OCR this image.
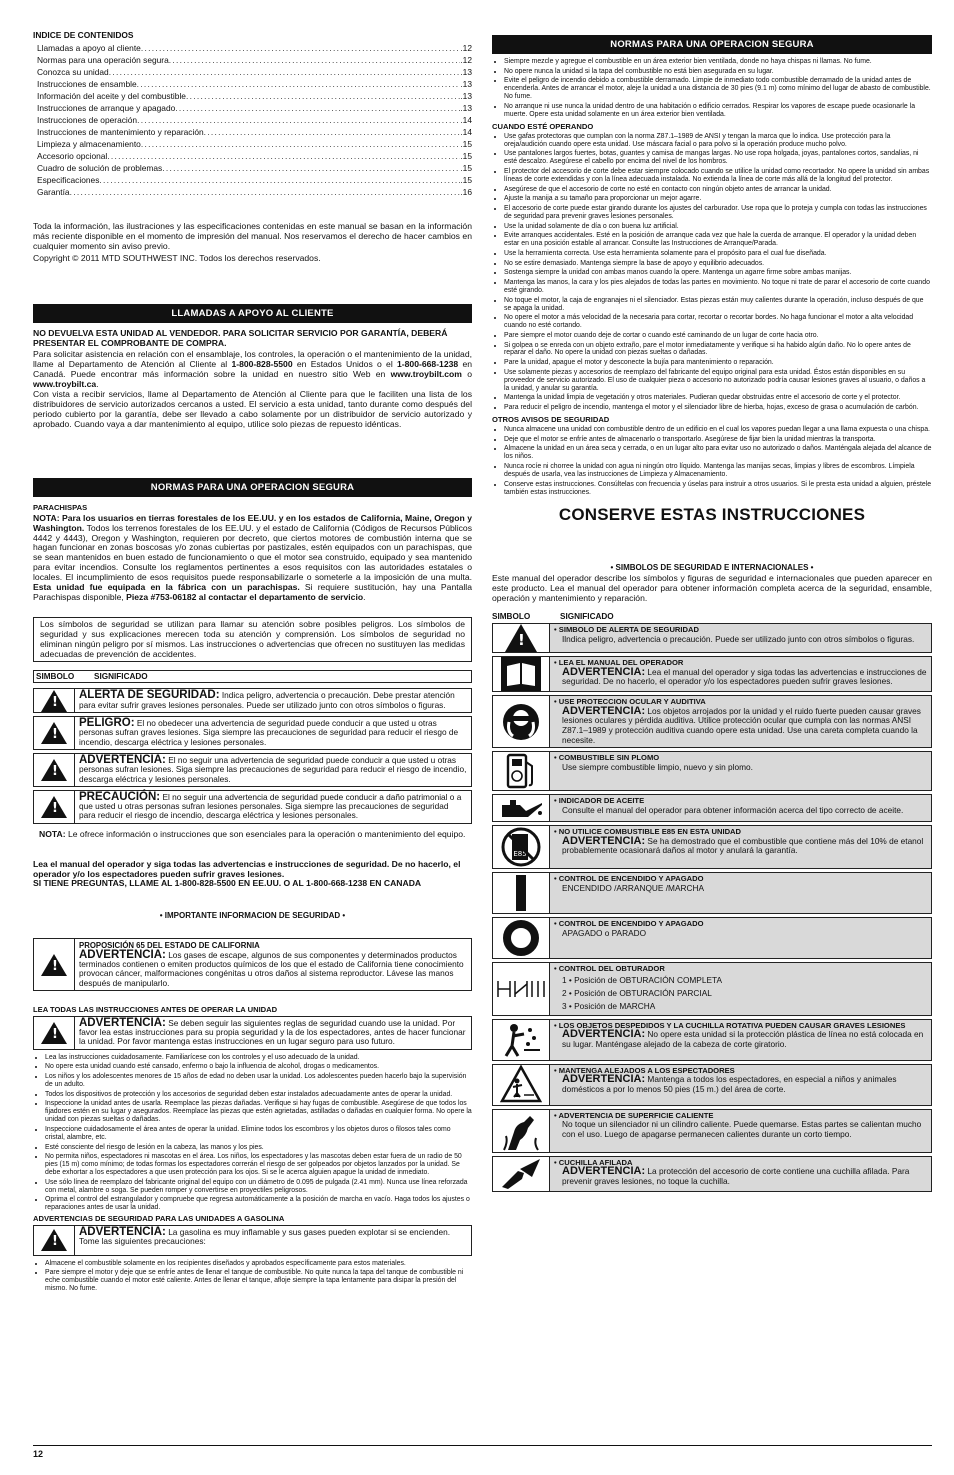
INDICE DE CONTENIDOS
Llamadas a apoyo al cliente .....	. 12
Normas para una operación segura .....	. 12
Conozca su unidad .....	. 13
Instrucciones de ensamble .....	. 13
Información del aceite y del combustible .....	. 13
Instrucciones de arranque y apagado .....	. 13
Instrucciones de operación .....	. 14
Instrucciones de mantenimiento y reparación .....	. 14
Limpieza y almacenamiento .....	. 15
Accesorio opcional .....	. 15
Cuadro de solución de problemas .....	. 15
Especificaciones .....	. 15
Garantía .....	. 16
Toda la información, las ilustraciones y las especificaciones contenidas en este manual se basan en la información más reciente disponible en el momento de impresión del manual. Nos reservamos el derecho de hacer cambios en cualquier momento sin aviso previo.
Copyright © 2011 MTD SOUTHWEST INC. Todos los derechos reservados.
LLAMADAS A APOYO AL CLIENTE
NO DEVUELVA ESTA UNIDAD AL VENDEDOR. PARA SOLICITAR SERVICIO POR GARANTÍA, DEBERÁ PRESENTAR EL COMPROBANTE DE COMPRA.
Para solicitar asistencia en relación con el ensamblaje, los controles, la operación o el mantenimiento de la unidad, llame al Departamento de Atención al Cliente al 1-800-828-5500 en Estados Unidos o el 1-800-668-1238 en Canadá. Puede encontrar más información sobre la unidad en nuestro sitio Web en www.troybilt.com o www.troybilt.ca.
Con vista a recibir servicios, llame al Departamento de Atención al Cliente para que le faciliten una lista de los distribuidores de servicio autorizados cercanos a usted. El servicio a esta unidad, tanto durante como después del periodo cubierto por la garantía, debe ser llevado a cabo solamente por un distribuidor de servicio autorizado y aprobado. Cuando vaya a dar mantenimiento al equipo, utilice solo piezas de repuesto idénticas.
NORMAS PARA UNA OPERACION SEGURA
PARACHISPAS
NOTA: Para los usuarios en tierras forestales de los EE.UU. y en los estados de California, Maine, Oregon y Washington. Todos los terrenos forestales de los EE.UU. y el estado de California (Códigos de Recursos Públicos 4442 y 4443), Oregon y Washington, requieren por decreto, que ciertos motores de combustión interna que se hagan funcionar en zonas boscosas y/o zonas cubiertas por pastizales, estén equipados con un parachispas, que se sean mantenidos en buen estado de funcionamiento o que el motor sea construido, equipado y sea mantenido para evitar incendios. Consulte los reglamentos pertinentes a esos requisitos con las autoridades estatales o locales. El incumplimiento de esos requisitos puede responsabilizarle o someterle a la imposición de una multa. Esta unidad fue equipada en la fábrica con un parachispas. Si requiere sustitución, hay una Pantalla Parachispas disponible, Pieza #753-06182 al contactar el departamento de servicio.
Los símbolos de seguridad se utilizan para llamar su atención sobre posibles peligros. Los símbolos de seguridad y sus explicaciones merecen toda su atención y comprensión. Los símbolos de seguridad no eliminan ningún peligro por sí mismos. Las instrucciones o advertencias que ofrecen no sustituyen las medidas adecuadas de prevención de accidentes.
SIMBOLO	SIGNIFICADO
!	ALERTA DE SEGURIDAD: Indica peligro, advertencia o precaución. Debe prestar atención para evitar sufrir graves lesiones personales. Puede ser utilizado junto con otros símbolos o figuras.
!
PELIGRO: El no obedecer una advertencia de seguridad puede conducir a que usted u otras personas sufran graves lesiones. Siga siempre las precauciones de seguridad para reducir el riesgo de incendio, descarga eléctrica y lesiones personales.
!
ADVERTENCIA: El no seguir una advertencia de seguridad puede conducir a que usted u otras personas sufran lesiones. Siga siempre las precauciones de seguridad para reducir el riesgo de incendio, descarga eléctrica y lesiones personales.
!
PRECAUCIÓN: El no seguir una advertencia de seguridad puede conducir a daño patrimonial o a que usted u otras personas sufran lesiones personales. Siga siempre las precauciones de seguridad para reducir el riesgo de incendio, descarga eléctrica y lesiones personales.
NOTA: Le ofrece información o instrucciones que son esenciales para la operación o mantenimiento del equipo.
Lea el manual del operador y siga todas las advertencias e instrucciones de seguridad. De no hacerlo, el operador y/o los espectadores pueden sufrir graves lesiones.
SI TIENE PREGUNTAS, LLAME AL 1-800-828-5500 EN EE.UU. O AL 1-800-668-1238 EN CANADA
• IMPORTANTE INFORMACION DE SEGURIDAD •
!
PROPOSICIÓN 65 DEL ESTADO DE CALIFORNIA
ADVERTENCIA: Los gases de escape, algunos de sus componentes y determinados productos terminados contienen o emiten productos químicos de los que el estado de California tiene conocimiento provocan cáncer, malformaciones congénitas u otros daños al sistema reproductor. Lávese las manos después de manipularlo.
LEA TODAS LAS INSTRUCCIONES ANTES DE OPERAR LA UNIDAD
!
ADVERTENCIA: Se deben seguir las siguientes reglas de seguridad cuando use la unidad. Por favor lea estas instrucciones para su propia seguridad y la de los espectadores, antes de hacer funcionar la unidad. Por favor mantenga estas instrucciones en un lugar seguro para uso futuro.
• Lea las instrucciones cuidadosamente. Familiarícese con los controles y el uso adecuado de la unidad.
• No opere esta unidad cuando esté cansado, enfermo o bajo la influencia de alcohol, drogas o medicamentos.
• Los niños y los adolescentes menores de 15 años de edad no deben usar la unidad. Los adolescentes pueden hacerlo bajo la supervisión de un adulto.
• Todos los dispositivos de protección y los accesorios de seguridad deben estar instalados adecuadamente antes de operar la unidad.
• Inspeccione la unidad antes de usarla. Reemplace las piezas dañadas. Verifique si hay fugas de combustible. Asegúrese de que todos los fijadores estén en su lugar y asegurados. Reemplace las piezas que estén agrietadas, astilladas o dañadas en cualquier forma. No opere la unidad con piezas sueltas o dañadas.
• Inspeccione cuidadosamente el área antes de operar la unidad. Elimine todos los escombros y los objetos duros o filosos tales como cristal, alambre, etc.
• Esté consciente del riesgo de lesión en la cabeza, las manos y los pies.
• No permita niños, espectadores ni mascotas en el área. Los niños, los espectadores y las mascotas deben estar fuera de un radio de 50 pies (15 m) como mínimo; de todas formas los espectadores correrán el riesgo de ser golpeados por objetos lanzados por la unidad. Se debe exhortar a los espectadores a que usen protección para los ojos. Si se le acerca alguien apague la unidad de inmediato.
• Use sólo línea de reemplazo del fabricante original del equipo con un diámetro de 0.095 de pulgada (2.41 mm). Nunca use línea reforzada con metal, alambre o soga. Se pueden romper y convertirse en proyectiles peligrosos.
• Oprima el control del estrangulador y compruebe que regresa automáticamente a la posición de marcha en vacío. Haga todos los ajustes o reparaciones antes de usar la unidad.
ADVERTENCIAS DE SEGURIDAD PARA LAS UNIDADES A GASOLINA
!
ADVERTENCIA: La gasolina es muy inflamable y sus gases pueden explotar si se encienden. Tome las siguientes precauciones:
• Almacene el combustible solamente en los recipientes diseñados y aprobados específicamente para estos materiales.
• Pare siempre el motor y deje que se enfríe antes de llenar el tanque de combustible. No quite nunca la tapa del tanque de combustible ni eche combustible cuando el motor esté caliente. Antes de llenar el tanque, afloje siempre la tapa lentamente para disipar la presión del mismo. No fume.
NORMAS PARA UNA OPERACION SEGURA
• Siempre mezcle y agregue el combustible en un área exterior bien ventilada, donde no haya chispas ni llamas. No fume.
• No opere nunca la unidad si la tapa del combustible no está bien asegurada en su lugar.
• Evite el peligro de incendio debido a combustible derramado. Limpie de inmediato todo combustible derramado de la unidad antes de encenderla. Antes de arrancar el motor, aleje la unidad a una distancia de 30 pies (9.1 m) como mínimo del lugar de abasto de combustible. No fume.
• No arranque ni use nunca la unidad dentro de una habitación o edificio cerrados. Respirar los vapores de escape puede ocasionarle la muerte. Opere esta unidad solamente en un área exterior bien ventilada.
CUANDO ESTÉ OPERANDO
• Use gafas protectoras que cumplan con la norma Z87.1–1989 de ANSI y tengan la marca que lo indica. Use protección para la oreja/audición cuando opere esta unidad. Use máscara facial o para polvo si la operación produce mucho polvo.
• Use pantalones largos fuertes, botas, guantes y camisa de mangas largas. No use ropa holgada, joyas, pantalones cortos, sandalias, ni esté descalzo. Asegúrese el cabello por encima del nivel de los hombros.
• El protector del accesorio de corte debe estar siempre colocado cuando se utilice la unidad como recortador. No opere la unidad sin ambas líneas de corte extendidas y con la línea adecuada instalada. No extienda la línea de corte más allá de la longitud del protector.
• Asegúrese de que el accesorio de corte no esté en contacto con ningún objeto antes de arrancar la unidad.
• Ajuste la manija a su tamaño para proporcionar un mejor agarre.
• El accesorio de corte puede estar girando durante los ajustes del carburador. Use ropa que lo proteja y cumpla con todas las instrucciones de seguridad para prevenir graves lesiones personales.
• Use la unidad solamente de día o con buena luz artificial.
• Evite arranques accidentales. Esté en la posición de arranque cada vez que hale la cuerda de arranque. El operador y la unidad deben estar en una posición estable al arrancar. Consulte las Instrucciones de Arranque/Parada.
• Use la herramienta correcta. Use esta herramienta solamente para el propósito para el cual fue diseñada.
• No se estire demasiado. Mantenga siempre la base de apoyo y equilibrio adecuados.
• Sostenga siempre la unidad con ambas manos cuando la opere. Mantenga un agarre firme sobre ambas manijas.
• Mantenga las manos, la cara y los pies alejados de todas las partes en movimiento. No toque ni trate de parar el accesorio de corte cuando esté girando.
• No toque el motor, la caja de engranajes ni el silenciador. Estas piezas están muy calientes durante la operación, incluso después de que se apaga la unidad.
• No opere el motor a más velocidad de la necesaria para cortar, recortar o recortar bordes. No haga funcionar el motor a alta velocidad cuando no esté cortando.
• Pare siempre el motor cuando deje de cortar o cuando esté caminando de un lugar de corte hacia otro.
• Si golpea o se enreda con un objeto extraño, pare el motor inmediatamente y verifique si ha habido algún daño. No lo opere antes de reparar el daño. No opere la unidad con piezas sueltas o dañadas.
• Pare la unidad, apague el motor y desconecte la bujía para mantenimiento o reparación.
• Use solamente piezas y accesorios de reemplazo del fabricante del equipo original para esta unidad. Éstos están disponibles en su proveedor de servicio autorizado. El uso de cualquier pieza o accesorio no autorizado podría causar lesiones graves al usuario, o daños a la unidad, y anular su garantía.
• Mantenga la unidad limpia de vegetación y otros materiales. Pudieran quedar obstruidas entre el accesorio de corte y el protector.
• Para reducir el peligro de incendio, mantenga el motor y el silenciador libre de hierba, hojas, exceso de grasa o acumulación de carbón.
OTROS AVISOS DE SEGURIDAD
• Nunca almacene una unidad con combustible dentro de un edificio en el cual los vapores puedan llegar a una llama expuesta o una chispa.
• Deje que el motor se enfríe antes de almacenarlo o transportarlo. Asegúrese de fijar bien la unidad mientras la transporta.
• Almacene la unidad en un área seca y cerrada, o en un lugar alto para evitar uso no autorizado o daños. Manténgala alejada del alcance de los niños.
• Nunca rocíe ni chorree la unidad con agua ni ningún otro líquido. Mantenga las manijas secas, limpias y libres de escombros. Límpiela después de usarla, vea las instrucciones de Limpieza y Almacenamiento.
• Conserve estas instrucciones. Consúltelas con frecuencia y úselas para instruir a otros usuarios. Si le presta esta unidad a alguien, préstele también estas instrucciones.
CONSERVE ESTAS INSTRUCCIONES
• SIMBOLOS DE SEGURIDAD E INTERNACIONALES •
Este manual del operador describe los símbolos y figuras de seguridad e internacionales que pueden aparecer en este producto. Lea el manual del operador para obtener información completa acerca de la seguridad, ensamble, operación y mantenimiento y reparación.
SIMBOLO	SIGNIFICADO
!
• SIMBOLO DE ALERTA DE SEGURIDAD
Ilndica peligro, advertencia o precaución. Puede ser utilizado junto con otros símbolos o figuras.
• LEA EL MANUAL DEL OPERADOR
ADVERTENCIA: Lea el manual del operador y siga todas las advertencias e instrucciones de seguridad. De no hacerlo, el operador y/o los espectadores pueden sufrir graves lesiones.
• USE PROTECCION OCULAR Y AUDITIVA
ADVERTENCIA: Los objetos arrojados por la unidad y el ruido fuerte pueden causar graves lesiones oculares y pérdida auditiva. Utilice protección ocular que cumpla con las normas ANSI Z87.1–1989 y protección auditiva cuando opere esta unidad. Use una careta completa cuando la necesite.
• COMBUSTIBLE SIN PLOMO
Use siempre combustible limpio, nuevo y sin plomo.
• INDICADOR DE ACEITE
Consulte el manual del operador para obtener información acerca del tipo correcto de aceite.
E85
• NO UTILICE COMBUSTIBLE E85 EN ESTA UNIDAD
ADVERTENCIA: Se ha demostrado que el combustible que contiene más del 10% de etanol probablemente ocasionará daños al motor y anulará la garantía.
• CONTROL DE ENCENDIDO Y APAGADO
ENCENDIDO /ARRANQUE /MARCHA
• CONTROL DE ENCENDIDO Y APAGADO
APAGADO o PARADO
• CONTROL DEL OBTURADOR
1 • Posición de OBTURACIÓN COMPLETA
2 • Posición de OBTURACIÓN PARCIAL
3 • Posición de MARCHA
• LOS OBJETOS DESPEDIDOS Y LA CUCHILLA ROTATIVA PUEDEN CAUSAR GRAVES LESIONES
ADVERTENCIA: No opere esta unidad si la protección plástica de línea no está colocada en su lugar. Manténgase alejado de la cabeza de corte giratorio.
• MANTENGA ALEJADOS A LOS ESPECTADORES
ADVERTENCIA: Mantenga a todos los espectadores, en especial a niños y animales domésticos a por lo menos 50 pies (15 m.) del área de corte.
• ADVERTENCIA DE SUPERFICIE CALIENTE
No toque un silenciador ni un cilindro caliente. Puede quemarse. Estas partes se calientan mucho con el uso. Luego de apagarse permanecen calientes durante un corto tiempo.
• CUCHILLA AFILADA
ADVERTENCIA: La protección del accesorio de corte contiene una cuchilla afilada. Para prevenir graves lesiones, no toque la cuchilla.
12
